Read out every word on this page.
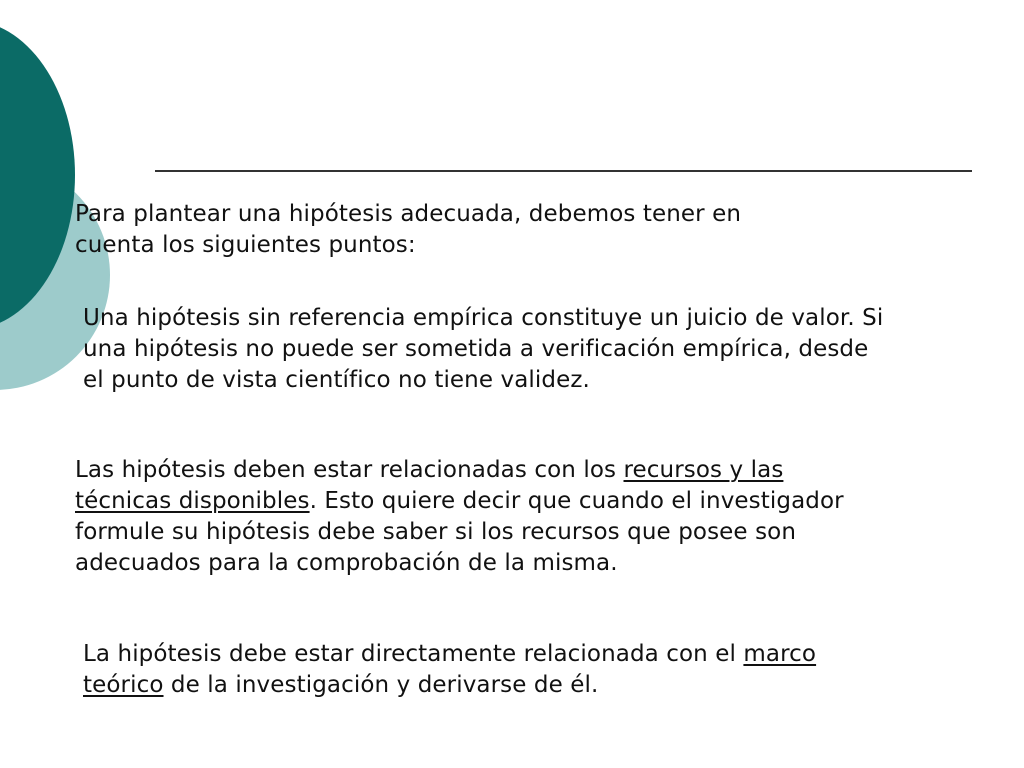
Para plantear una hipótesis adecuada, debemos tener en
cuenta los siguientes puntos:

Una hipótesis sin referencia empírica constituye un juicio de valor. Si
una hipótesis no puede ser sometida a verificación empírica, desde
el punto de vista científico no tiene validez.

Las hipótesis deben estar relacionadas con los recursos y las
técnicas disponibles. Esto quiere decir que cuando el investigador
formule su hipótesis debe saber si los recursos que posee son
adecuados para la comprobación de la misma.

La hipótesis debe estar directamente relacionada con el marco
teórico de la investigación y derivarse de él.
